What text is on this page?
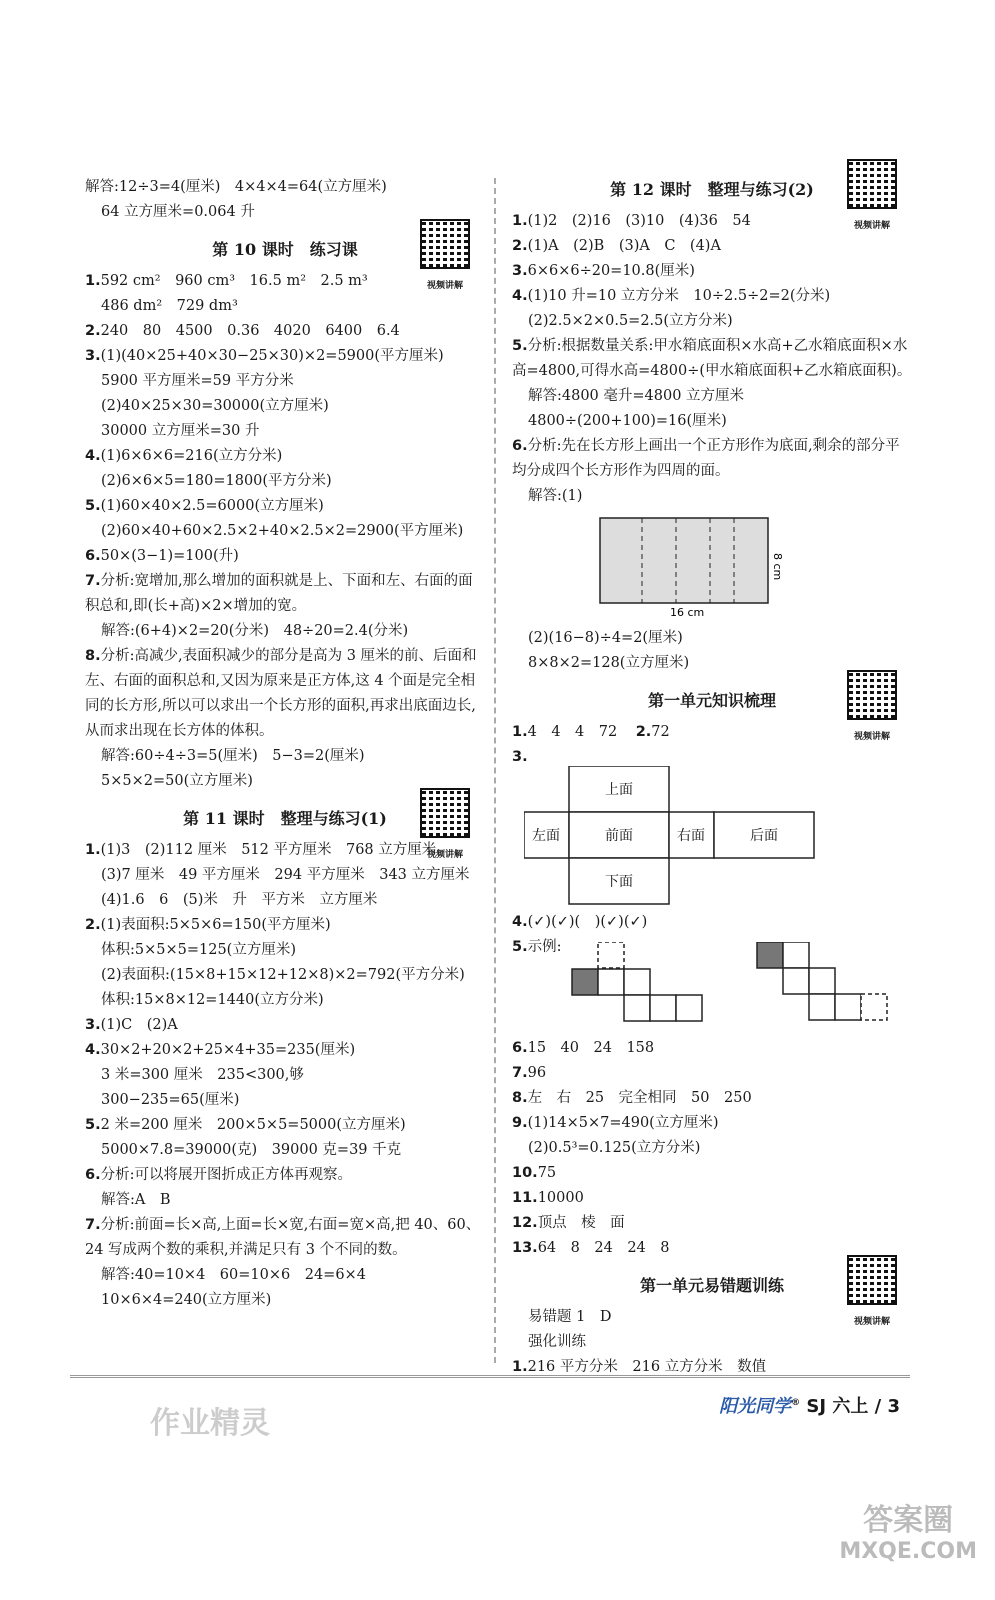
解答:12÷3=4(厘米)　4×4×4=64(立方厘米)
64 立方厘米=0.064 升
第 10 课时　练习课
视频讲解
1.592 cm²　960 cm³　16.5 m²　2.5 m³
486 dm²　729 dm³
2.240　80　4500　0.36　4020　6400　6.4
3.(1)(40×25+40×30−25×30)×2=5900(平方厘米)
5900 平方厘米=59 平方分米
(2)40×25×30=30000(立方厘米)
30000 立方厘米=30 升
4.(1)6×6×6=216(立方分米)
(2)6×6×5=180=1800(平方分米)
5.(1)60×40×2.5=6000(立方厘米)
(2)60×40+60×2.5×2+40×2.5×2=2900(平方厘米)
6.50×(3−1)=100(升)
7.分析:宽增加,那么增加的面积就是上、下面和左、右面的面积总和,即(长+高)×2×增加的宽。
解答:(6+4)×2=20(分米)　48÷20=2.4(分米)
8.分析:高减少,表面积减少的部分是高为 3 厘米的前、后面和左、右面的面积总和,又因为原来是正方体,这 4 个面是完全相同的长方形,所以可以求出一个长方形的面积,再求出底面边长,从而求出现在长方体的体积。
解答:60÷4÷3=5(厘米)　5−3=2(厘米)
5×5×2=50(立方厘米)
第 11 课时　整理与练习(1)
视频讲解
1.(1)3　(2)112 厘米　512 平方厘米　768 立方厘米
(3)7 厘米　49 平方厘米　294 平方厘米　343 立方厘米
(4)1.6　6　(5)米　升　平方米　立方厘米
2.(1)表面积:5×5×6=150(平方厘米)
体积:5×5×5=125(立方厘米)
(2)表面积:(15×8+15×12+12×8)×2=792(平方分米)
体积:15×8×12=1440(立方分米)
3.(1)C　(2)A
4.30×2+20×2+25×4+35=235(厘米)
3 米=300 厘米　235<300,够
300−235=65(厘米)
5.2 米=200 厘米　200×5×5=5000(立方厘米)
5000×7.8=39000(克)　39000 克=39 千克
6.分析:可以将展开图折成正方体再观察。
解答:A　B
7.分析:前面=长×高,上面=长×宽,右面=宽×高,把 40、60、24 写成两个数的乘积,并满足只有 3 个不同的数。
解答:40=10×4　60=10×6　24=6×4
10×6×4=240(立方厘米)
第 12 课时　整理与练习(2)
视频讲解
1.(1)2　(2)16　(3)10　(4)36　54
2.(1)A　(2)B　(3)A　C　(4)A
3.6×6×6÷20=10.8(厘米)
4.(1)10 升=10 立方分米　10÷2.5÷2=2(分米)
(2)2.5×2×0.5=2.5(立方分米)
5.分析:根据数量关系:甲水箱底面积×水高+乙水箱底面积×水高=4800,可得水高=4800÷(甲水箱底面积+乙水箱底面积)。
解答:4800 毫升=4800 立方厘米
4800÷(200+100)=16(厘米)
6.分析:先在长方形上画出一个正方形作为底面,剩余的部分平均分成四个长方形作为四周的面。
解答:(1)
16 cm
8 cm
(2)(16−8)÷4=2(厘米)
8×8×2=128(立方厘米)
第一单元知识梳理
视频讲解
1.4　4　4　72 2.72
3.
上面
左面	前面	右面	后面
下面
4.(✓)(✓)(　)(✓)(✓)
5.示例:
6.15　40　24　158
7.96
8.左　右　25　完全相同　50　250
9.(1)14×5×7=490(立方厘米)
(2)0.5³=0.125(立方分米)
10.75
11.10000
12.顶点　棱　面
13.64　8　24　24　8
第一单元易错题训练
视频讲解
易错题 1　D
强化训练
1.216 平方分米　216 立方分米　数值
作业精灵	阳光同学® SJ 六上 / 3
答案圈
MXQE.COM
